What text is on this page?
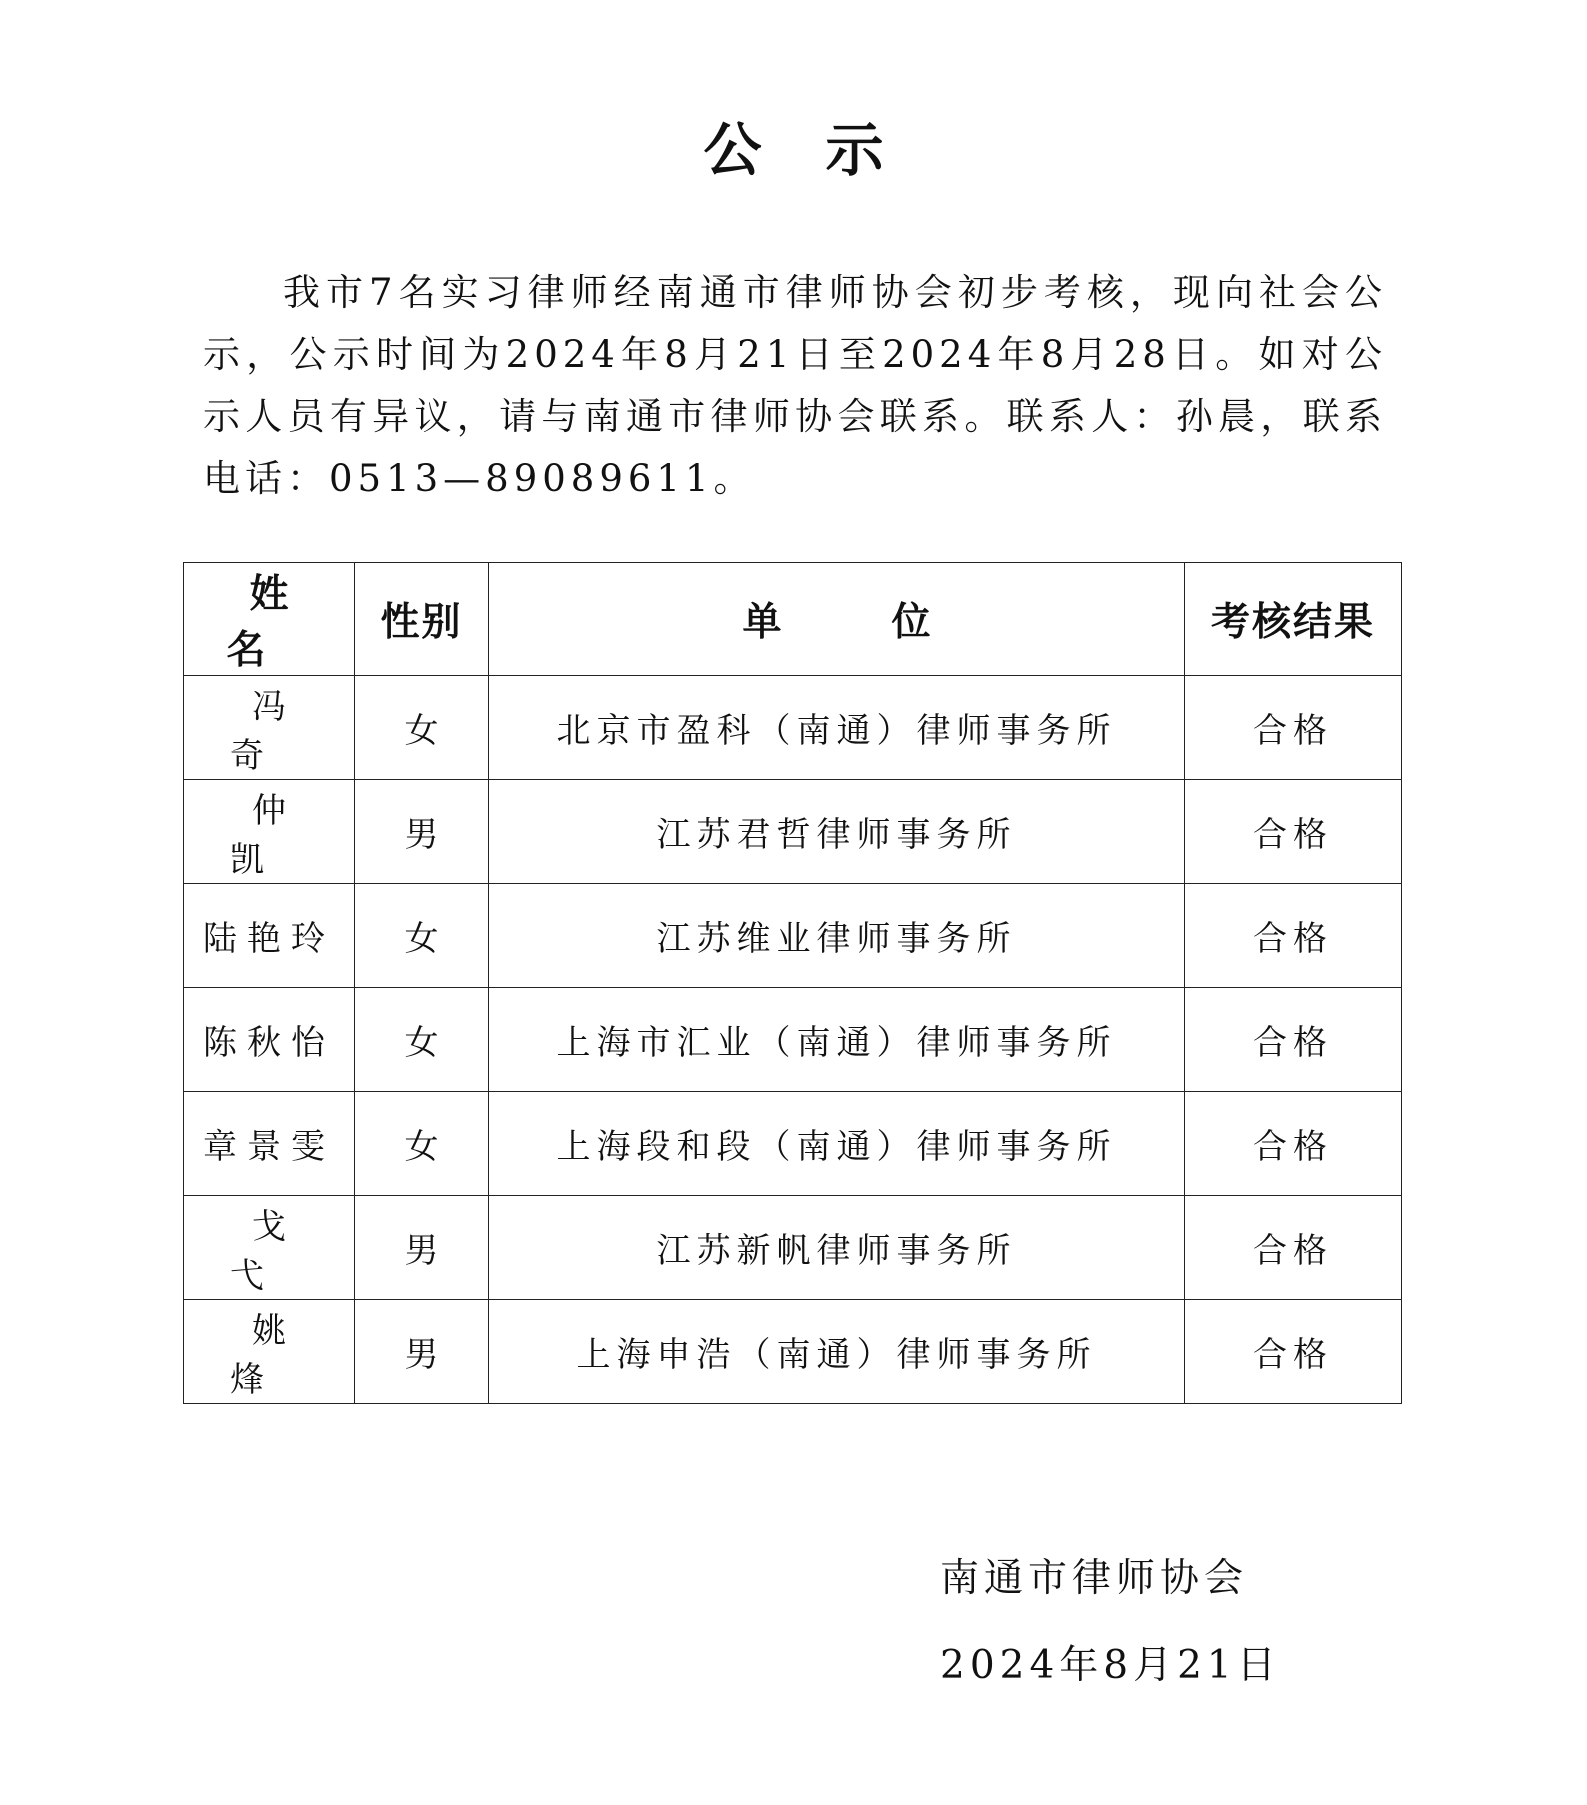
公示

我市7名实习律师经南通市律师协会初步考核，现向社会公示，公示时间为2024年8月21日至2024年8月28日。如对公示人员有异议，请与南通市律师协会联系。联系人：孙晨，联系电话：0513—89089611。

姓名	性别	单位	考核结果
冯奇	女	北京市盈科（南通）律师事务所	合格
仲凯	男	江苏君哲律师事务所	合格
陆艳玲	女	江苏维业律师事务所	合格
陈秋怡	女	上海市汇业（南通）律师事务所	合格
章景雯	女	上海段和段（南通）律师事务所	合格
戈弋	男	江苏新帆律师事务所	合格
姚烽	男	上海申浩（南通）律师事务所	合格
南通市律师协会
2024年8月21日
